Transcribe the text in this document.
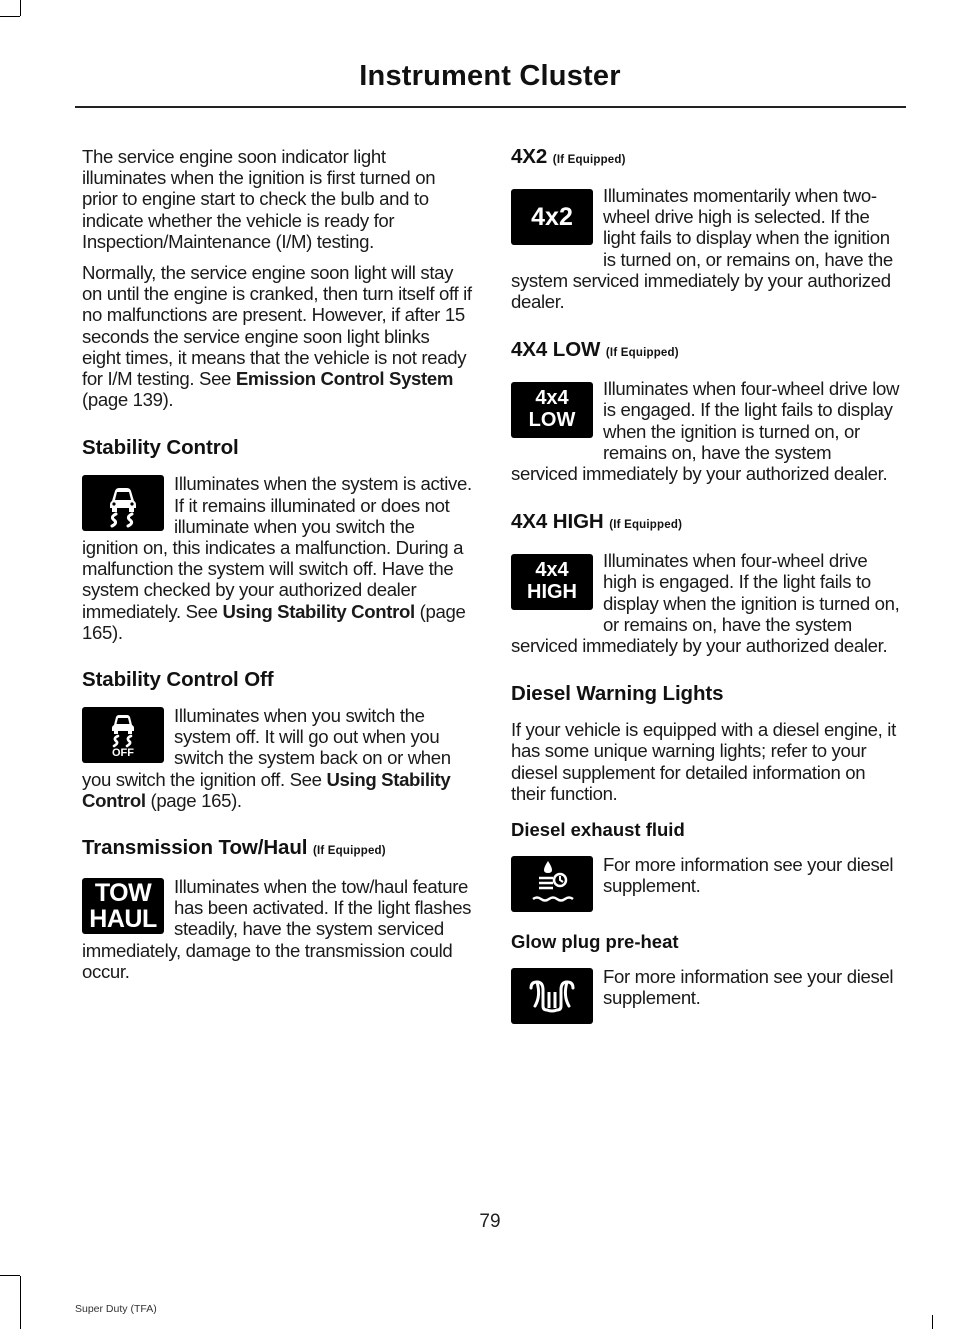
Instrument Cluster

The service engine soon indicator light illuminates when the ignition is first turned on prior to engine start to check the bulb and to indicate whether the vehicle is ready for Inspection/Maintenance (I/M) testing.

Normally, the service engine soon light will stay on until the engine is cranked, then turn itself off if no malfunctions are present. However, if after 15 seconds the service engine soon light blinks eight times, it means that the vehicle is not ready for I/M testing. See Emission Control System (page 139).

Stability Control

Illuminates when the system is active. If it remains illuminated or does not illuminate when you switch the ignition on, this indicates a malfunction. During a malfunction the system will switch off. Have the system checked by your authorized dealer immediately. See Using Stability Control (page 165).

Stability Control Off
OFF

Illuminates when you switch the system off. It will go out when you switch the system back on or when you switch the ignition off. See Using Stability Control (page 165).

Transmission Tow/Haul (If Equipped)
TOW
HAUL

Illuminates when the tow/haul feature has been activated. If the light flashes steadily, have the system serviced immediately, damage to the transmission could occur.

4X2 (If Equipped)
4x2

Illuminates momentarily when two-wheel drive high is selected. If the light fails to display when the ignition is turned on, or remains on, have the system serviced immediately by your authorized dealer.

4X4 LOW (If Equipped)
4x4
LOW

Illuminates when four-wheel drive low is engaged. If the light fails to display when the ignition is turned on, or remains on, have the system serviced immediately by your authorized dealer.

4X4 HIGH (If Equipped)
4x4
HIGH

Illuminates when four-wheel drive high is engaged. If the light fails to display when the ignition is turned on, or remains on, have the system serviced immediately by your authorized dealer.

Diesel Warning Lights

If your vehicle is equipped with a diesel engine, it has some unique warning lights; refer to your diesel supplement for detailed information on their function.

Diesel exhaust fluid

For more information see your diesel supplement.

Glow plug pre-heat

For more information see your diesel supplement.

79
Super Duty (TFA)
